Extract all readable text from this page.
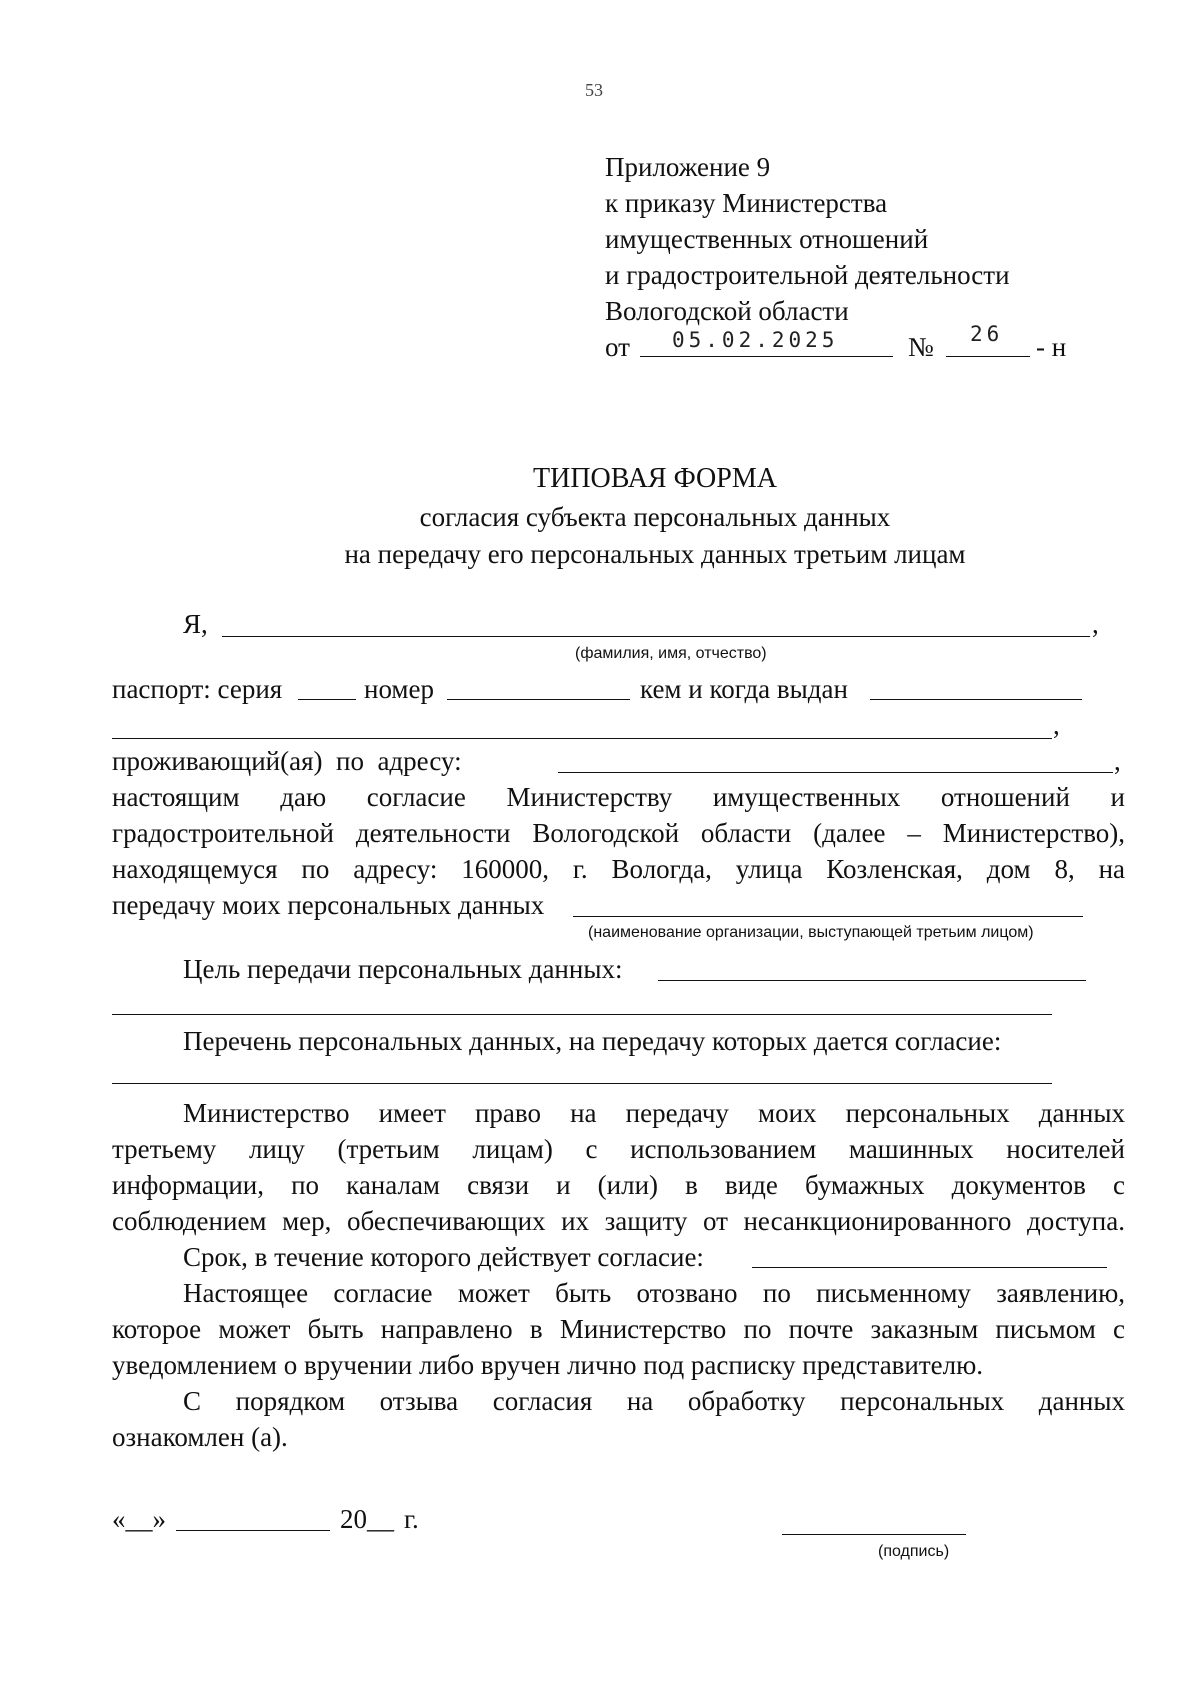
53
Приложение 9
к приказу Министерства
имущественных отношений
и градостроительной деятельности
Вологодской области
от 05.02.2025	№ 26 - н
ТИПОВАЯ ФОРМА
согласия субъекта персональных данных
на передачу его персональных данных третьим лицам
Я,	,
(фамилия, имя, отчество)
паспорт: серия	номер	кем и когда выдан
,
проживающий(ая)  по  адресу:	,
настоящим  даю  согласие  Министерству  имущественных  отношений  и
градостроительной деятельности Вологодской области (далее – Министерство),
находящемуся по адресу: 160000, г. Вологда, улица Козленская, дом 8, на
передачу моих персональных данных
(наименование организации, выступающей третьим лицом)
Цель передачи персональных данных:
Перечень персональных данных, на передачу которых дается согласие:
Министерство  имеет  право  на  передачу  моих  персональных  данных
третьему  лицу  (третьим  лицам)  с  использованием  машинных  носителей
информации,  по  каналам  связи  и  (или)  в  виде  бумажных  документов  с
соблюдением мер, обеспечивающих их защиту от несанкционированного доступа.
Срок, в течение которого действует согласие:
Настоящее согласие может быть отозвано по письменному заявлению,
которое может быть направлено в Министерство по почте заказным письмом с
уведомлением о вручении либо вручен лично под расписку представителю.
С  порядком  отзыва  согласия  на  обработку  персональных  данных
ознакомлен (а).
«__»	20__ г.
(подпись)
